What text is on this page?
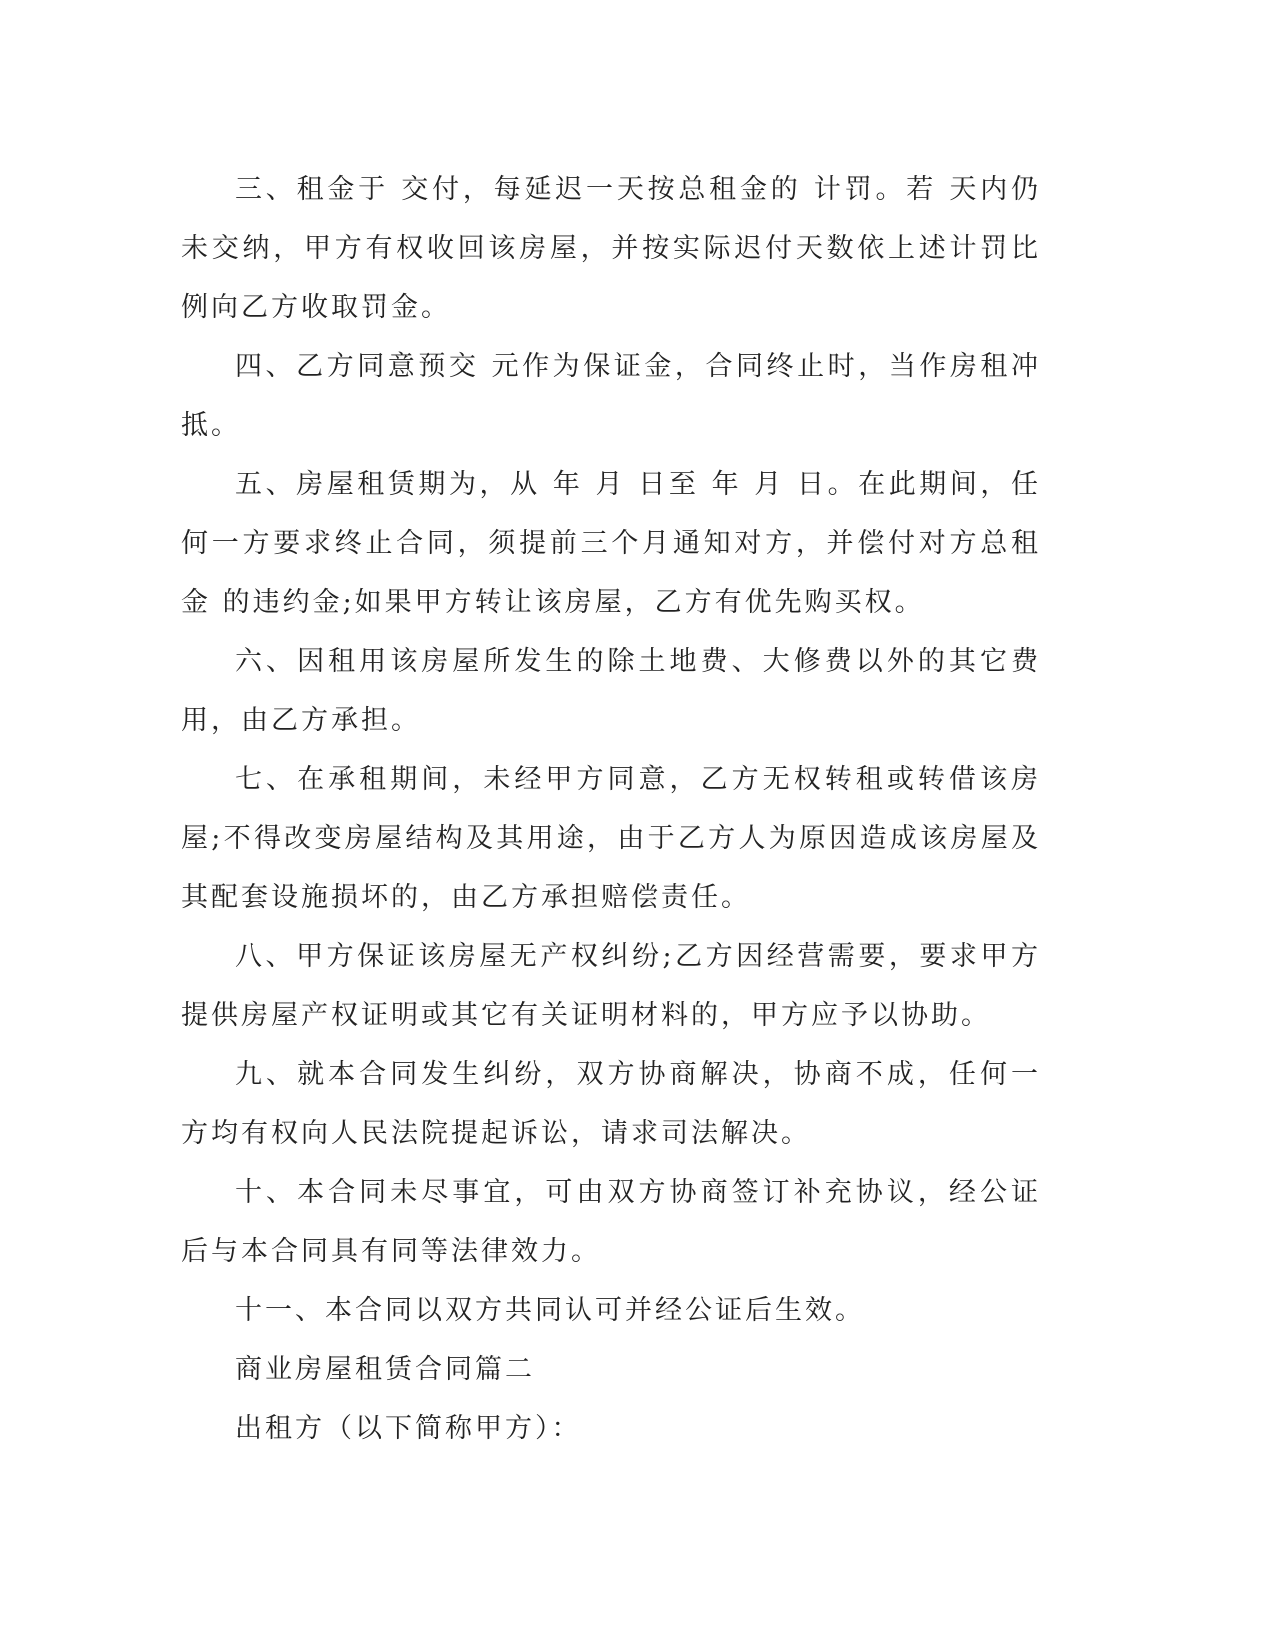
三、租金于 交付，每延迟一天按总租金的 计罚。若 天内仍未交纳，甲方有权收回该房屋，并按实际迟付天数依上述计罚比例向乙方收取罚金。

四、乙方同意预交 元作为保证金，合同终止时，当作房租冲抵。

五、房屋租赁期为，从 年 月 日至 年 月 日。在此期间，任何一方要求终止合同，须提前三个月通知对方，并偿付对方总租金 的违约金;如果甲方转让该房屋，乙方有优先购买权。

六、因租用该房屋所发生的除土地费、大修费以外的其它费用，由乙方承担。

七、在承租期间，未经甲方同意，乙方无权转租或转借该房屋;不得改变房屋结构及其用途，由于乙方人为原因造成该房屋及其配套设施损坏的，由乙方承担赔偿责任。

八、甲方保证该房屋无产权纠纷;乙方因经营需要，要求甲方提供房屋产权证明或其它有关证明材料的，甲方应予以协助。

九、就本合同发生纠纷，双方协商解决，协商不成，任何一方均有权向人民法院提起诉讼，请求司法解决。

十、本合同未尽事宜，可由双方协商签订补充协议，经公证后与本合同具有同等法律效力。

十一、本合同以双方共同认可并经公证后生效。

商业房屋租赁合同篇二

出租方（以下简称甲方）：
